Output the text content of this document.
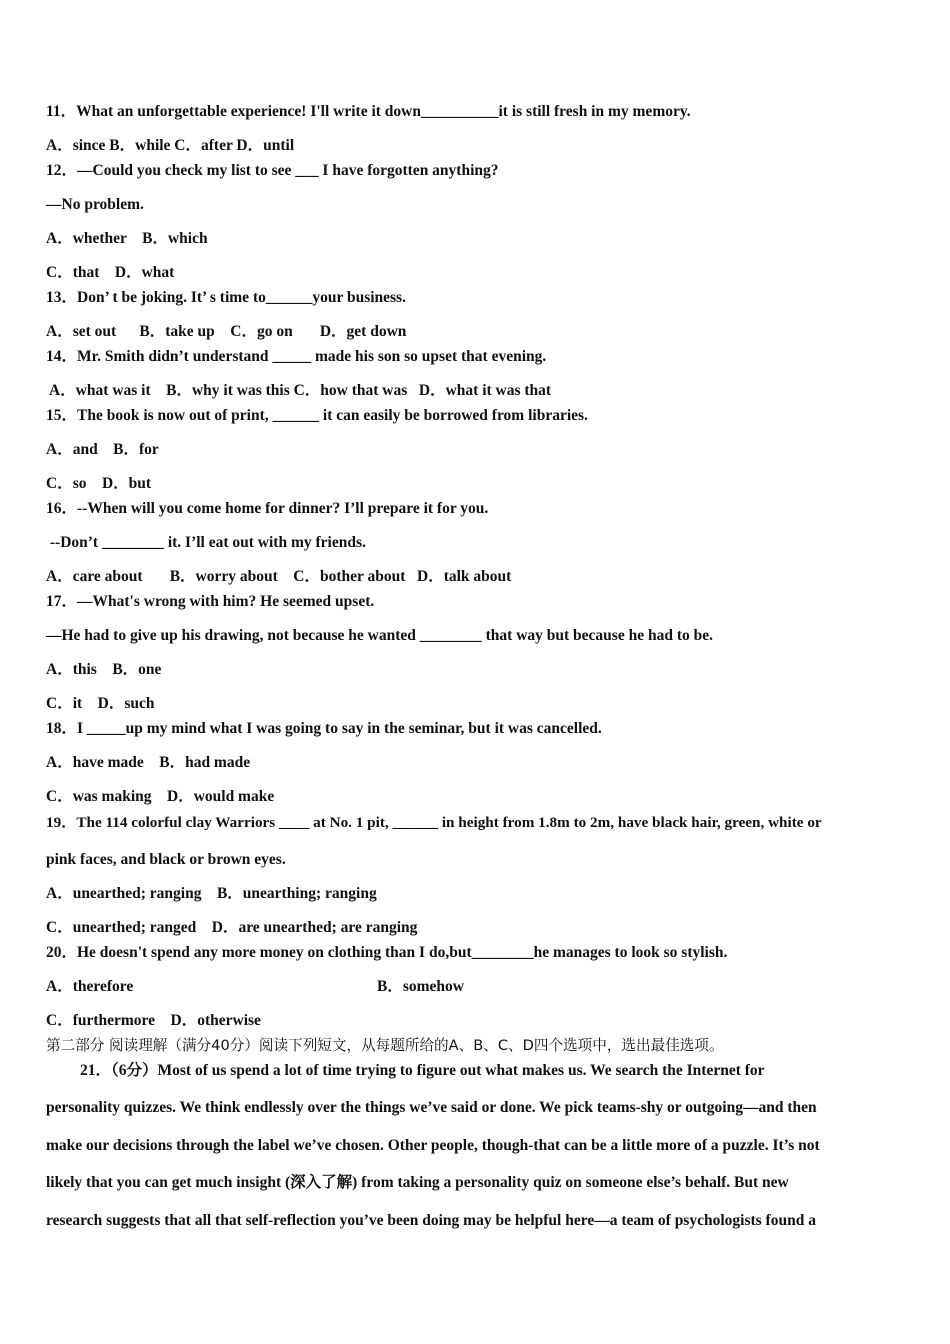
11．What an unforgettable experience! I'll write it down__________it is still fresh in my memory.
A．since B．while C．after D．until
12．—Could you check my list to see ___ I have forgotten anything?
—No problem.
A．whether    B．which
C．that    D．what
13．Don’ t be joking. It’ s time to______your business.
A．set out      B．take up    C．go on       D．get down
14．Mr. Smith didn’t understand _____ made his son so upset that evening.
A．what was it    B．why it was this C．how that was   D．what it was that
15．The book is now out of print, ______ it can easily be borrowed from libraries.
A．and    B．for
C．so    D．but
16．--When will you come home for dinner? I’ll prepare it for you.
--Don’t ________ it. I’ll eat out with my friends.
A．care about       B．worry about    C．bother about   D．talk about
17．—What's wrong with him? He seemed upset.
—He had to give up his drawing, not because he wanted ________ that way but because he had to be.
A．this    B．one
C．it    D．such
18．I _____up my mind what I was going to say in the seminar, but it was cancelled.
A．have made    B．had made
C．was making    D．would make
19．The 114 colorful clay Warriors ____ at No. 1 pit, ______ in height from 1.8m to 2m, have black hair, green, white or
pink faces, and black or brown eyes.
A．unearthed; ranging    B．unearthing; ranging
C．unearthed; ranged    D．are unearthed; are ranging
20．He doesn't spend any more money on clothing than I do,but________he manages to look so stylish.
A．therefore	B．somehow
C．furthermore    D．otherwise
第二部分 阅读理解（满分40分）阅读下列短文，从每题所给的A、B、C、D四个选项中，选出最佳选项。
21．（6分）Most of us spend a lot of time trying to figure out what makes us. We search the Internet for
personality quizzes. We think endlessly over the things we’ve said or done. We pick teams-shy or outgoing—and then
make our decisions through the label we’ve chosen. Other people, though-that can be a little more of a puzzle. It’s not
likely that you can get much insight (深入了解) from taking a personality quiz on someone else’s behalf. But new
research suggests that all that self-reflection you’ve been doing may be helpful here—a team of psychologists found a
